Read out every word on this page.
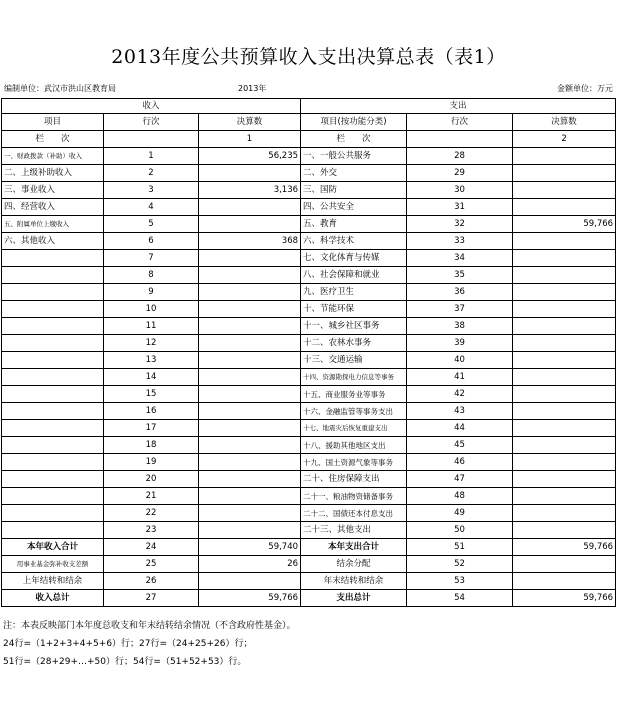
2013年度公共预算收入支出决算总表（表1）
编制单位：武汉市洪山区教育局	2013年	金额单位：万元
收入			支出		
项目	行次	决算数	项目(按功能分类)	行次	决算数
栏　　次		1	栏　　次		2
一、财政拨款（补助）收入	1	56,235	一、一般公共服务	28	
二、上级补助收入	2		二、外交	29	
三、事业收入	3	3,136	三、国防	30	
四、经营收入	4		四、公共安全	31	
五、附属单位上缴收入	5		五、教育	32	59,766
六、其他收入	6	368	六、科学技术	33	
	7		七、文化体育与传媒	34	
	8		八、社会保障和就业	35	
	9		九、医疗卫生	36	
	10		十、节能环保	37	
	11		十一、城乡社区事务	38	
	12		十二、农林水事务	39	
	13		十三、交通运输	40	
	14		十四、资源勘探电力信息等事务	41	
	15		十五、商业服务业等事务	42	
	16		十六、金融监管等事务支出	43	
	17		十七、地震灾后恢复重建支出	44	
	18		十八、援助其他地区支出	45	
	19		十九、国土资源气象等事务	46	
	20		二十、住房保障支出	47	
	21		二十一、粮油物资储备事务	48	
	22		二十二、国债还本付息支出	49	
	23		二十三、其他支出	50	
本年收入合计	24	59,740	本年支出合计	51	59,766
用事业基金弥补收支差额	25	26	结余分配	52	
上年结转和结余	26		年末结转和结余	53	
收入总计	27	59,766	支出总计	54	59,766
注：本表反映部门本年度总收支和年末结转结余情况（不含政府性基金）。
24行=（1+2+3+4+5+6）行；27行=（24+25+26）行；
51行=（28+29+…+50）行；54行=（51+52+53）行。
